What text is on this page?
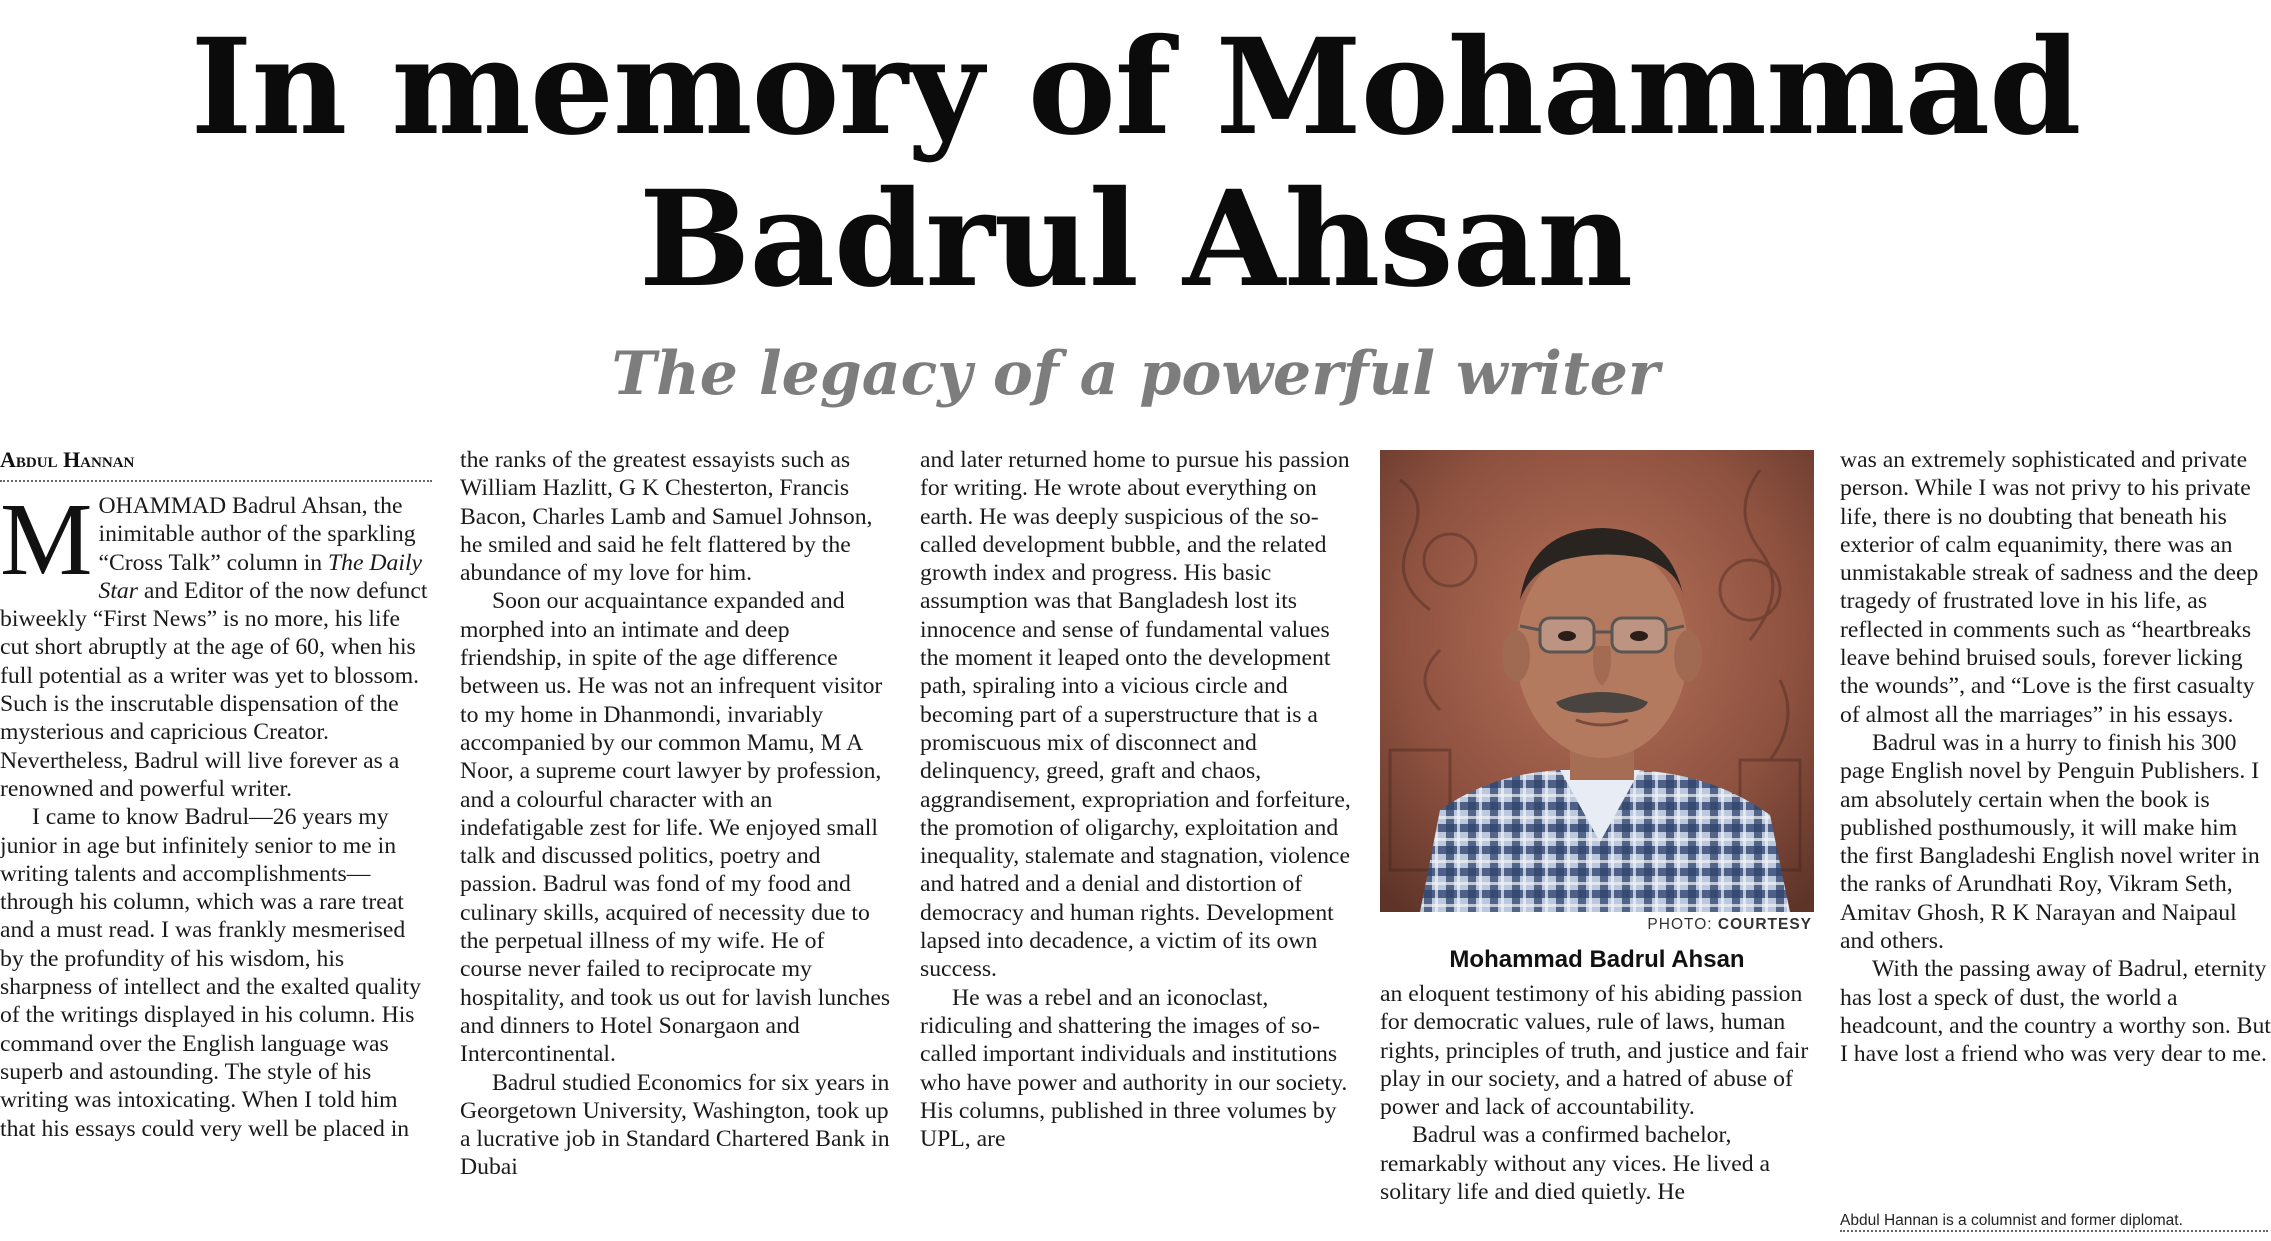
In memory of Mohammad
Badrul Ahsan
The legacy of a powerful writer
Abdul Hannan

MOHAMMAD Badrul Ahsan, the inimitable author of the sparkling “Cross Talk” column in The Daily Star and Editor of the now defunct biweekly “First News” is no more, his life cut short abruptly at the age of 60, when his full potential as a writer was yet to blossom. Such is the inscrutable dispensation of the mysterious and capricious Creator. Nevertheless, Badrul will live forever as a renowned and powerful writer.

I came to know Badrul—26 years my junior in age but infinitely senior to me in writing talents and accomplishments—through his column, which was a rare treat and a must read. I was frankly mesmerised by the profundity of his wisdom, his sharpness of intellect and the exalted quality of the writings displayed in his column. His command over the English language was superb and astounding. The style of his writing was intoxicating. When I told him that his essays could very well be placed in

the ranks of the greatest essayists such as William Hazlitt, G K Chesterton, Francis Bacon, Charles Lamb and Samuel Johnson, he smiled and said he felt flattered by the abundance of my love for him.

Soon our acquaintance expanded and morphed into an intimate and deep friendship, in spite of the age difference between us. He was not an infrequent visitor to my home in Dhanmondi, invariably accompanied by our common Mamu, M A Noor, a supreme court lawyer by profession, and a colourful character with an indefatigable zest for life. We enjoyed small talk and discussed politics, poetry and passion. Badrul was fond of my food and culinary skills, acquired of necessity due to the perpetual illness of my wife. He of course never failed to reciprocate my hospitality, and took us out for lavish lunches and dinners to Hotel Sonargaon and Intercontinental.

Badrul studied Economics for six years in Georgetown University, Washington, took up a lucrative job in Standard Chartered Bank in Dubai

and later returned home to pursue his passion for writing. He wrote about everything on earth. He was deeply suspicious of the so-called development bubble, and the related growth index and progress. His basic assumption was that Bangladesh lost its innocence and sense of fundamental values the moment it leaped onto the development path, spiraling into a vicious circle and becoming part of a superstructure that is a promiscuous mix of disconnect and delinquency, greed, graft and chaos, aggrandisement, expropriation and forfeiture, the promotion of oligarchy, exploitation and inequality, stalemate and stagnation, violence and hatred and a denial and distortion of democracy and human rights. Development lapsed into decadence, a victim of its own success.

He was a rebel and an iconoclast, ridiculing and shattering the images of so-called important individuals and institutions who have power and authority in our society. His columns, published in three volumes by UPL, are

PHOTO: COURTESY
Mohammad Badrul Ahsan

an eloquent testimony of his abiding passion for democratic values, rule of laws, human rights, principles of truth, and justice and fair play in our society, and a hatred of abuse of power and lack of accountability.

Badrul was a confirmed bachelor, remarkably without any vices. He lived a solitary life and died quietly. He

was an extremely sophisticated and private person. While I was not privy to his private life, there is no doubting that beneath his exterior of calm equanimity, there was an unmistakable streak of sadness and the deep tragedy of frustrated love in his life, as reflected in comments such as “heartbreaks leave behind bruised souls, forever licking the wounds”, and “Love is the first casualty of almost all the marriages” in his essays.

Badrul was in a hurry to finish his 300 page English novel by Penguin Publishers. I am absolutely certain when the book is published posthumously, it will make him the first Bangladeshi English novel writer in the ranks of Arundhati Roy, Vikram Seth, Amitav Ghosh, R K Narayan and Naipaul and others.

With the passing away of Badrul, eternity has lost a speck of dust, the world a headcount, and the country a worthy son. But I have lost a friend who was very dear to me.

Abdul Hannan is a columnist and former diplomat.
